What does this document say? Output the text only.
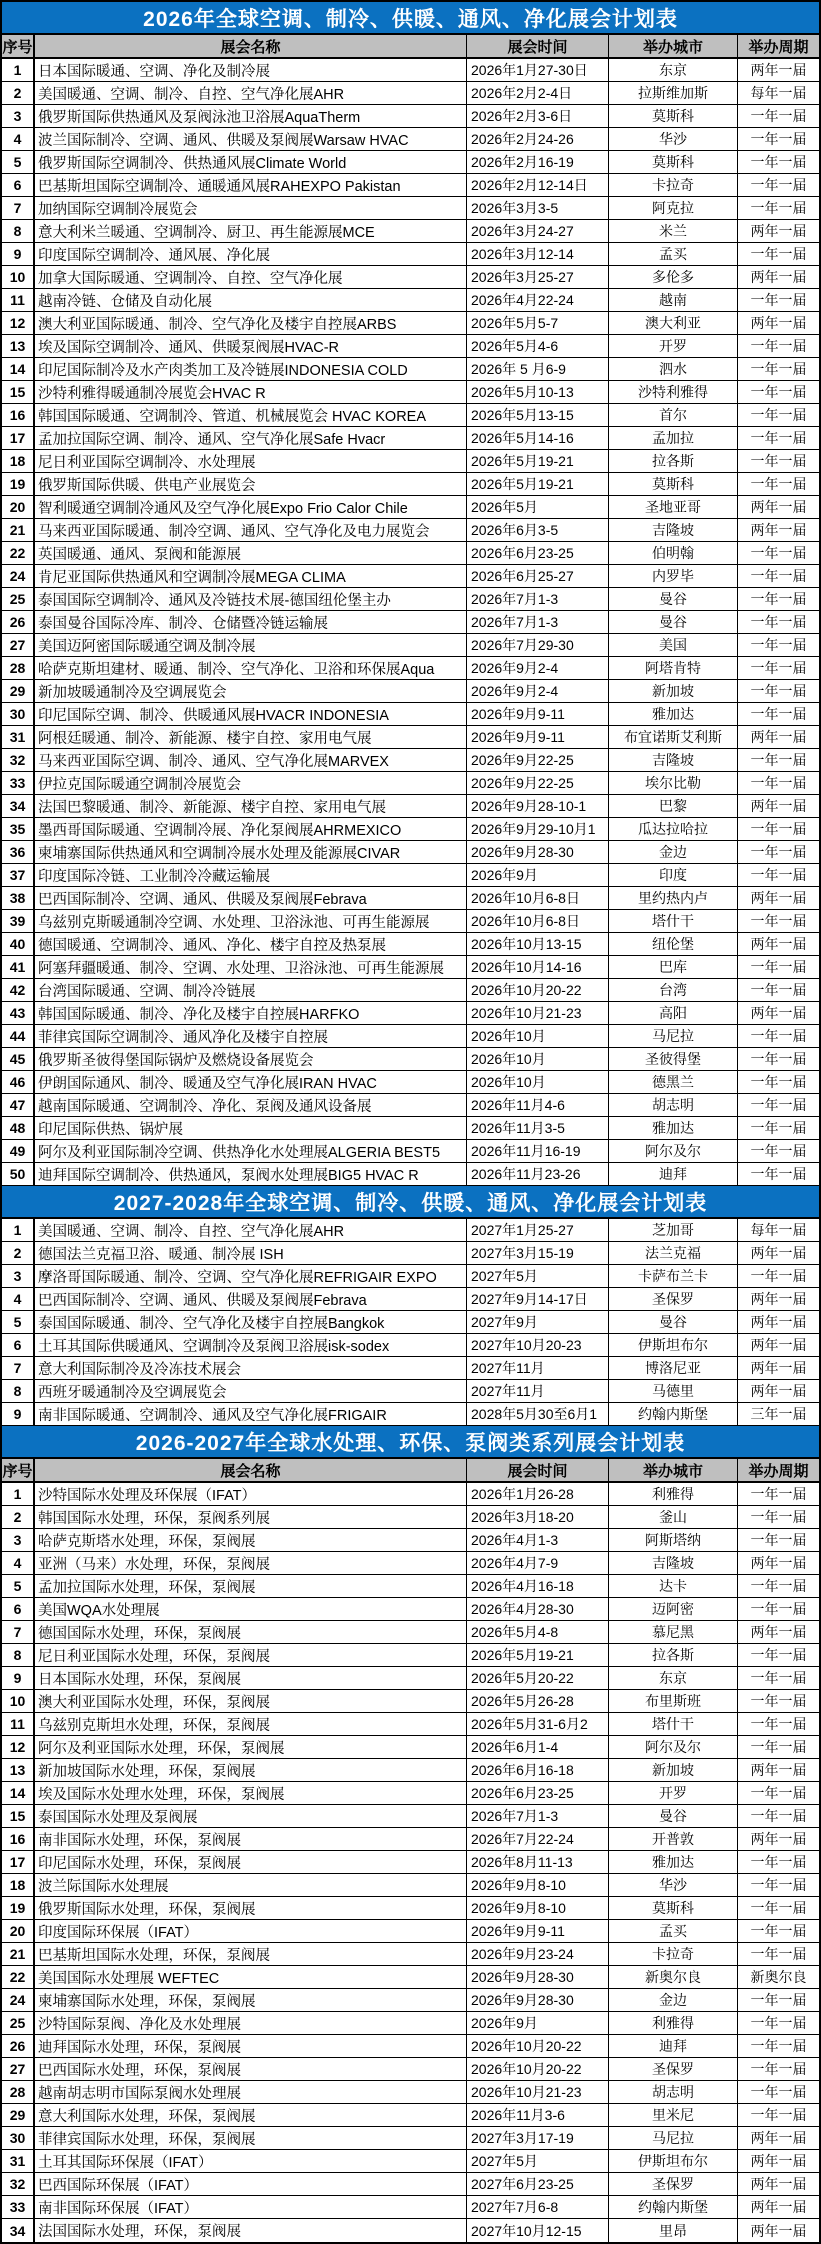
2026年全球空调、制冷、供暖、通风、净化展会计划表
序号	展会名称	展会时间	举办城市	举办周期
1	日本国际暖通、空调、净化及制冷展	2026年1月27-30日	东京	两年一届
2	美国暖通、空调、制冷、自控、空气净化展AHR	2026年2月2-4日	拉斯维加斯	每年一届
3	俄罗斯国际供热通风及泵阀泳池卫浴展AquaTherm	2026年2月3-6日	莫斯科	一年一届
4	波兰国际制冷、空调、通风、供暖及泵阀展Warsaw HVAC	2026年2月24-26	华沙	一年一届
5	俄罗斯国际空调制冷、供热通风展Climate World	2026年2月16-19	莫斯科	一年一届
6	巴基斯坦国际空调制冷、通暖通风展RAHEXPO Pakistan	2026年2月12-14日	卡拉奇	一年一届
7	加纳国际空调制冷展览会	2026年3月3-5	阿克拉	一年一届
8	意大利米兰暖通、空调制冷、厨卫、再生能源展MCE	2026年3月24-27	米兰	两年一届
9	印度国际空调制冷、通风展、净化展	2026年3月12-14	孟买	一年一届
10 加拿大国际暖通、空调制冷、自控、空气净化展	2026年3月25-27	多伦多	两年一届
11 越南冷链、仓储及自动化展	2026年4月22-24	越南	一年一届
12 澳大利亚国际暖通、制冷、空气净化及楼宇自控展ARBS	2026年5月5-7	澳大利亚	两年一届
13 埃及国际空调制冷、通风、供暖泵阀展HVAC-R	2026年5月4-6	开罗	一年一届
14 印尼国际制冷及水产肉类加工及冷链展INDONESIA COLD	2026年 5 月6-9	泗水	一年一届
15 沙特利雅得暖通制冷展览会HVAC R	2026年5月10-13	沙特利雅得	一年一届
16 韩国国际暖通、空调制冷、管道、机械展览会 HVAC KOREA	2026年5月13-15	首尔	一年一届
17 孟加拉国际空调、制冷、通风、空气净化展Safe Hvacr	2026年5月14-16	孟加拉	一年一届
18 尼日利亚国际空调制冷、水处理展	2026年5月19-21	拉各斯	一年一届
19 俄罗斯国际供暖、供电产业展览会	2026年5月19-21	莫斯科	一年一届
20 智利暖通空调制冷通风及空气净化展Expo Frio Calor Chile	2026年5月	圣地亚哥	两年一届
21 马来西亚国际暖通、制冷空调、通风、空气净化及电力展览会	2026年6月3-5	吉隆坡	两年一届
22 英国暖通、通风、泵阀和能源展	2026年6月23-25	伯明翰	一年一届
24 肯尼亚国际供热通风和空调制冷展MEGA CLIMA	2026年6月25-27	内罗毕	一年一届
25 泰国国际空调制冷、通风及冷链技术展-德国纽伦堡主办	2026年7月1-3	曼谷	一年一届
26 泰国曼谷国际冷库、制冷、仓储暨冷链运输展	2026年7月1-3	曼谷	一年一届
27 美国迈阿密国际暖通空调及制冷展	2026年7月29-30	美国	一年一届
28 哈萨克斯坦建材、暖通、制冷、空气净化、卫浴和环保展Aqua	2026年9月2-4	阿塔肯特	一年一届
29 新加坡暖通制冷及空调展览会	2026年9月2-4	新加坡	一年一届
30 印尼国际空调、制冷、供暖通风展HVACR INDONESIA	2026年9月9-11	雅加达	一年一届
31 阿根廷暖通、制冷、新能源、楼宇自控、家用电气展	2026年9月9-11	布宜诺斯艾利斯	两年一届
32 马来西亚国际空调、制冷、通风、空气净化展MARVEX	2026年9月22-25	吉隆坡	一年一届
33 伊拉克国际暖通空调制冷展览会	2026年9月22-25	埃尔比勒	一年一届
34 法国巴黎暖通、制冷、新能源、楼宇自控、家用电气展	2026年9月28-10-1	巴黎	两年一届
35 墨西哥国际暖通、空调制冷展、净化泵阀展AHRMEXICO	2026年9月29-10月1	瓜达拉哈拉	一年一届
36 柬埔寨国际供热通风和空调制冷展水处理及能源展CIVAR	2026年9月28-30	金边	一年一届
37 印度国际冷链、工业制冷冷藏运输展	2026年9月	印度	一年一届
38 巴西国际制冷、空调、通风、供暖及泵阀展Febrava	2026年10月6-8日	里约热内卢	两年一届
39 乌兹别克斯暖通制冷空调、水处理、卫浴泳池、可再生能源展	2026年10月6-8日	塔什干	一年一届
40 德国暖通、空调制冷、通风、净化、楼宇自控及热泵展	2026年10月13-15	纽伦堡	两年一届
41 阿塞拜疆暖通、制冷、空调、水处理、卫浴泳池、可再生能源展	2026年10月14-16	巴库	一年一届
42 台湾国际暖通、空调、制冷冷链展	2026年10月20-22	台湾	一年一届
43 韩国国际暖通、制冷、净化及楼宇自控展HARFKO	2026年10月21-23	高阳	两年一届
44 菲律宾国际空调制冷、通风净化及楼宇自控展	2026年10月	马尼拉	一年一届
45 俄罗斯圣彼得堡国际锅炉及燃烧设备展览会	2026年10月	圣彼得堡	一年一届
46 伊朗国际通风、制冷、暖通及空气净化展IRAN HVAC	2026年10月	德黑兰	一年一届
47 越南国际暖通、空调制冷、净化、泵阀及通风设备展	2026年11月4-6	胡志明	一年一届
48 印尼国际供热、锅炉展	2026年11月3-5	雅加达	一年一届
49 阿尔及利亚国际制冷空调、供热净化水处理展ALGERIA BEST5	2026年11月16-19	阿尔及尔	一年一届
50 迪拜国际空调制冷、供热通风，泵阀水处理展BIG5 HVAC R	2026年11月23-26	迪拜	一年一届
2027-2028年全球空调、制冷、供暖、通风、净化展会计划表
1	美国暖通、空调、制冷、自控、空气净化展AHR	2027年1月25-27	芝加哥	每年一届
2	德国法兰克福卫浴、暖通、制冷展 ISH	2027年3月15-19	法兰克福	两年一届
3	摩洛哥国际暖通、制冷、空调、空气净化展REFRIGAIR EXPO	2027年5月	卡萨布兰卡	一年一届
4	巴西国际制冷、空调、通风、供暖及泵阀展Febrava	2027年9月14-17日	圣保罗	两年一届
5	泰国国际暖通、制冷、空气净化及楼宇自控展Bangkok	2027年9月	曼谷	两年一届
6	土耳其国际供暖通风、空调制冷及泵阀卫浴展isk-sodex	2027年10月20-23	伊斯坦布尔	两年一届
7	意大利国际制冷及冷冻技术展会	2027年11月	博洛尼亚	两年一届
8	西班牙暖通制冷及空调展览会	2027年11月	马德里	两年一届
9	南非国际暖通、空调制冷、通风及空气净化展FRIGAIR	2028年5月30至6月1	约翰内斯堡	三年一届
2026-2027年全球水处理、环保、泵阀类系列展会计划表
序号	展会名称	展会时间	举办城市	举办周期
1	沙特国际水处理及环保展（IFAT）	2026年1月26-28	利雅得	一年一届
2	韩国国际水处理，环保，泵阀系列展	2026年3月18-20	釜山	一年一届
3	哈萨克斯塔水处理，环保，泵阀展	2026年4月1-3	阿斯塔纳	一年一届
4	亚洲（马来）水处理，环保，泵阀展	2026年4月7-9	吉隆坡	两年一届
5	孟加拉国际水处理，环保，泵阀展	2026年4月16-18	达卡	一年一届
6	美国WQA水处理展	2026年4月28-30	迈阿密	一年一届
7	德国国际水处理，环保，泵阀展	2026年5月4-8	慕尼黑	两年一届
8	尼日利亚国际水处理，环保，泵阀展	2026年5月19-21	拉各斯	一年一届
9	日本国际水处理，环保，泵阀展	2026年5月20-22	东京	一年一届
10 澳大利亚国际水处理，环保，泵阀展	2026年5月26-28	布里斯班	一年一届
11 乌兹别克斯坦水处理，环保，泵阀展	2026年5月31-6月2	塔什干	一年一届
12 阿尔及利亚国际水处理，环保，泵阀展	2026年6月1-4	阿尔及尔	一年一届
13 新加坡国际水处理，环保，泵阀展	2026年6月16-18	新加坡	两年一届
14 埃及国际水处理水处理，环保，泵阀展	2026年6月23-25	开罗	一年一届
15 泰国国际水处理及泵阀展	2026年7月1-3	曼谷	一年一届
16 南非国际水处理，环保，泵阀展	2026年7月22-24	开普敦	两年一届
17 印尼国际水处理，环保，泵阀展	2026年8月11-13	雅加达	一年一届
18 波兰际国际水处理展	2026年9月8-10	华沙	一年一届
19 俄罗斯国际水处理，环保，泵阀展	2026年9月8-10	莫斯科	一年一届
20 印度国际环保展（IFAT）	2026年9月9-11	孟买	一年一届
21 巴基斯坦国际水处理，环保，泵阀展	2026年9月23-24	卡拉奇	一年一届
22 美国国际水处理展 WEFTEC	2026年9月28-30	新奥尔良	新奥尔良
24 柬埔寨国际水处理，环保，泵阀展	2026年9月28-30	金边	一年一届
25 沙特国际泵阀、净化及水处理展	2026年9月	利雅得	一年一届
26 迪拜国际水处理，环保，泵阀展	2026年10月20-22	迪拜	一年一届
27 巴西国际水处理，环保，泵阀展	2026年10月20-22	圣保罗	一年一届
28 越南胡志明市国际泵阀水处理展	2026年10月21-23	胡志明	一年一届
29 意大利国际水处理，环保，泵阀展	2026年11月3-6	里米尼	一年一届
30 菲律宾国际水处理，环保，泵阀展	2027年3月17-19	马尼拉	两年一届
31 土耳其国际环保展（IFAT）	2027年5月	伊斯坦布尔	两年一届
32 巴西国际环保展（IFAT）	2027年6月23-25	圣保罗	两年一届
33 南非国际环保展（IFAT）	2027年7月6-8	约翰内斯堡	两年一届
34 法国国际水处理，环保，泵阀展	2027年10月12-15	里昂	两年一届
